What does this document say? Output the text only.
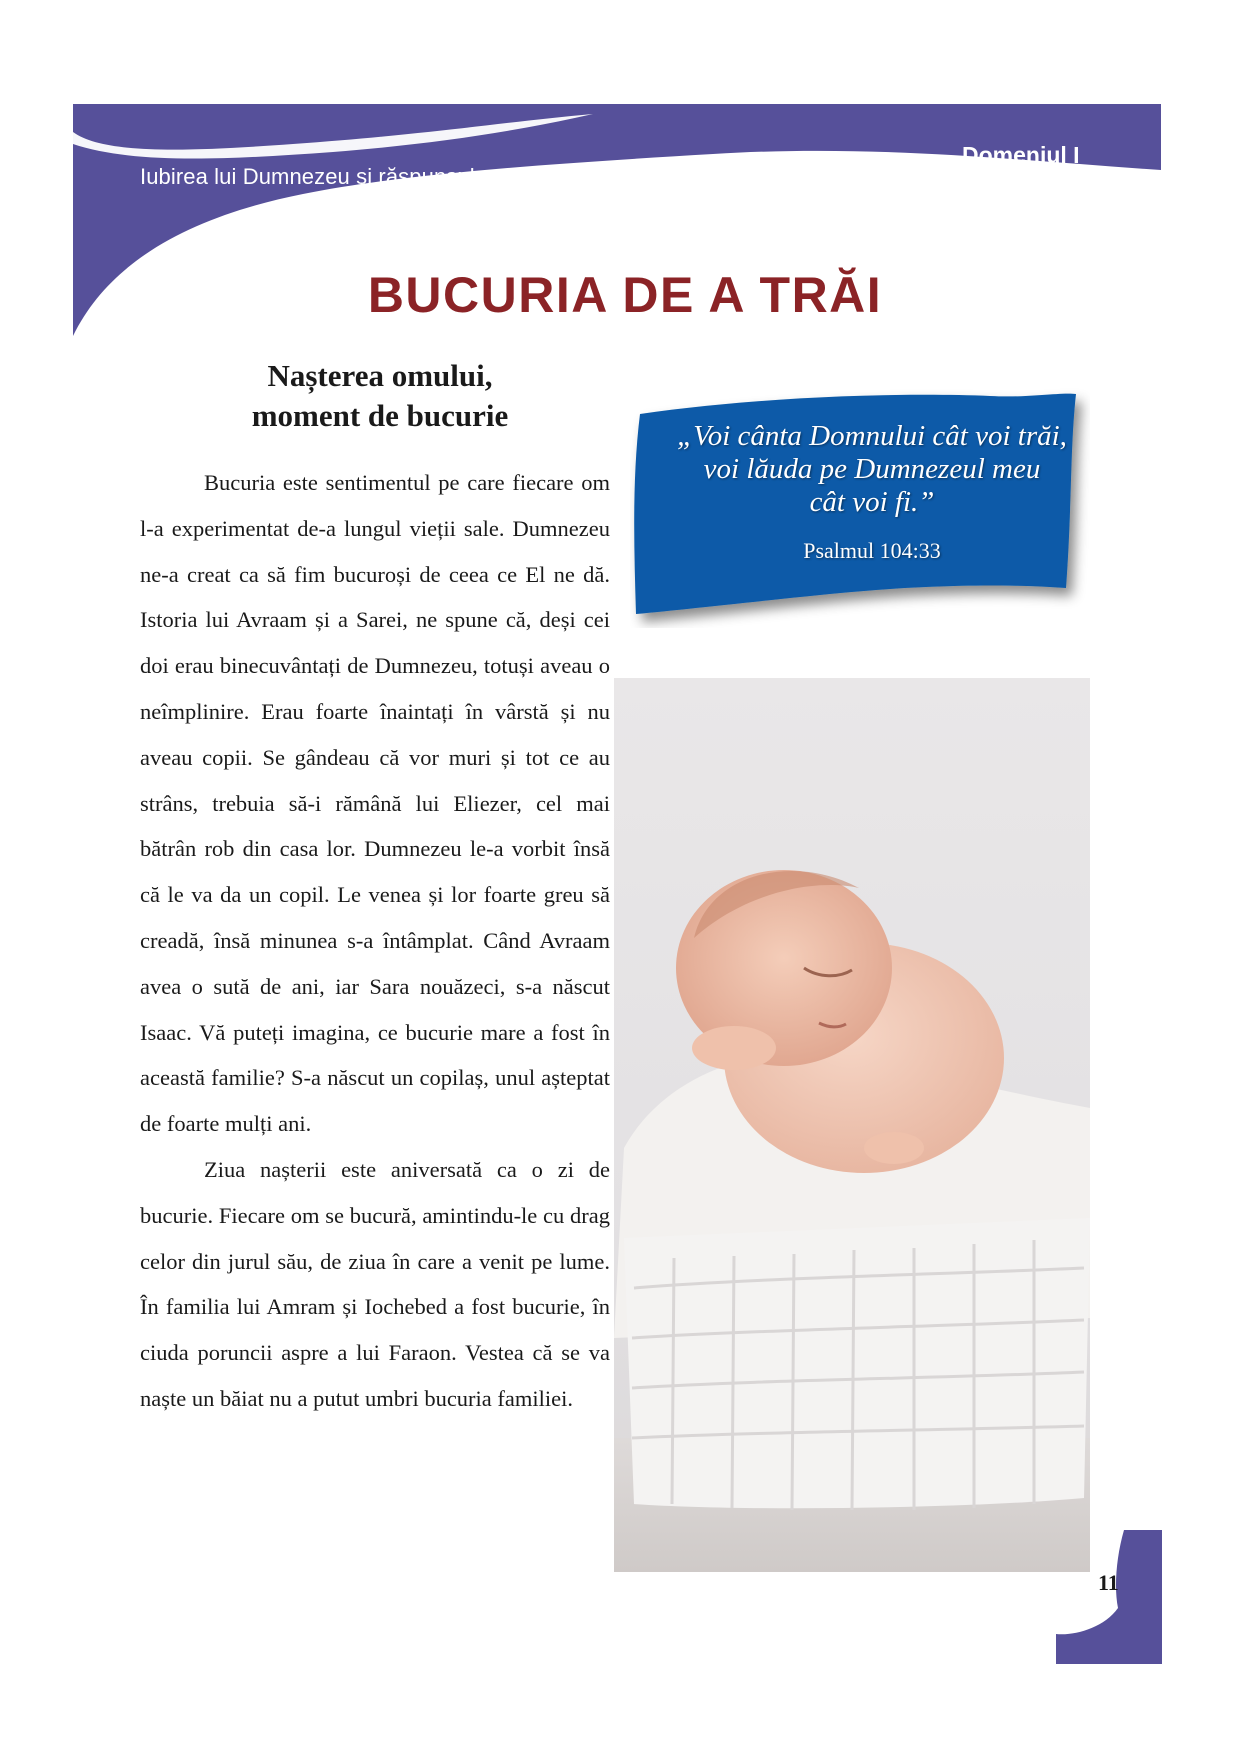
Iubirea lui Dumnezeu și răspunsul omului
Domeniul I
BUCURIA DE A TRĂI
Nașterea omului,
moment de bucurie

Bucuria este sentimentul pe care fiecare om l-a experimentat de-a lungul vieții sale. Dumnezeu ne-a creat ca să fim bucuroși de ceea ce El ne dă. Istoria lui Avraam și a Sarei, ne spune că, deși cei doi erau binecuvântați de Dumnezeu, totuși aveau o neîmplinire. Erau foarte înaintați în vârstă și nu aveau copii. Se gândeau că vor muri și tot ce au strâns, trebuia să-i rămână lui Eliezer, cel mai bătrân rob din casa lor. Dumnezeu le-a vorbit însă că le va da un copil. Le venea și lor foarte greu să creadă, însă minunea s-a întâmplat. Când Avraam avea o sută de ani, iar Sara nouăzeci, s-a născut Isaac. Vă puteți imagina, ce bucurie mare a fost în această familie? S-a născut un copilaș, unul așteptat de foarte mulți ani.

Ziua nașterii este aniversată ca o zi de bucurie. Fiecare om se bucură, amintindu-le cu drag celor din jurul său, de ziua în care a venit pe lume. În familia lui Amram și Iochebed a fost bucurie, în ciuda poruncii aspre a lui Faraon. Vestea că se va naște un băiat nu a putut umbri bucuria familiei.

„Voi cânta Domnului cât voi trăi,
voi lăuda pe Dumnezeul meu
cât voi fi.”
Psalmul 104:33
11
